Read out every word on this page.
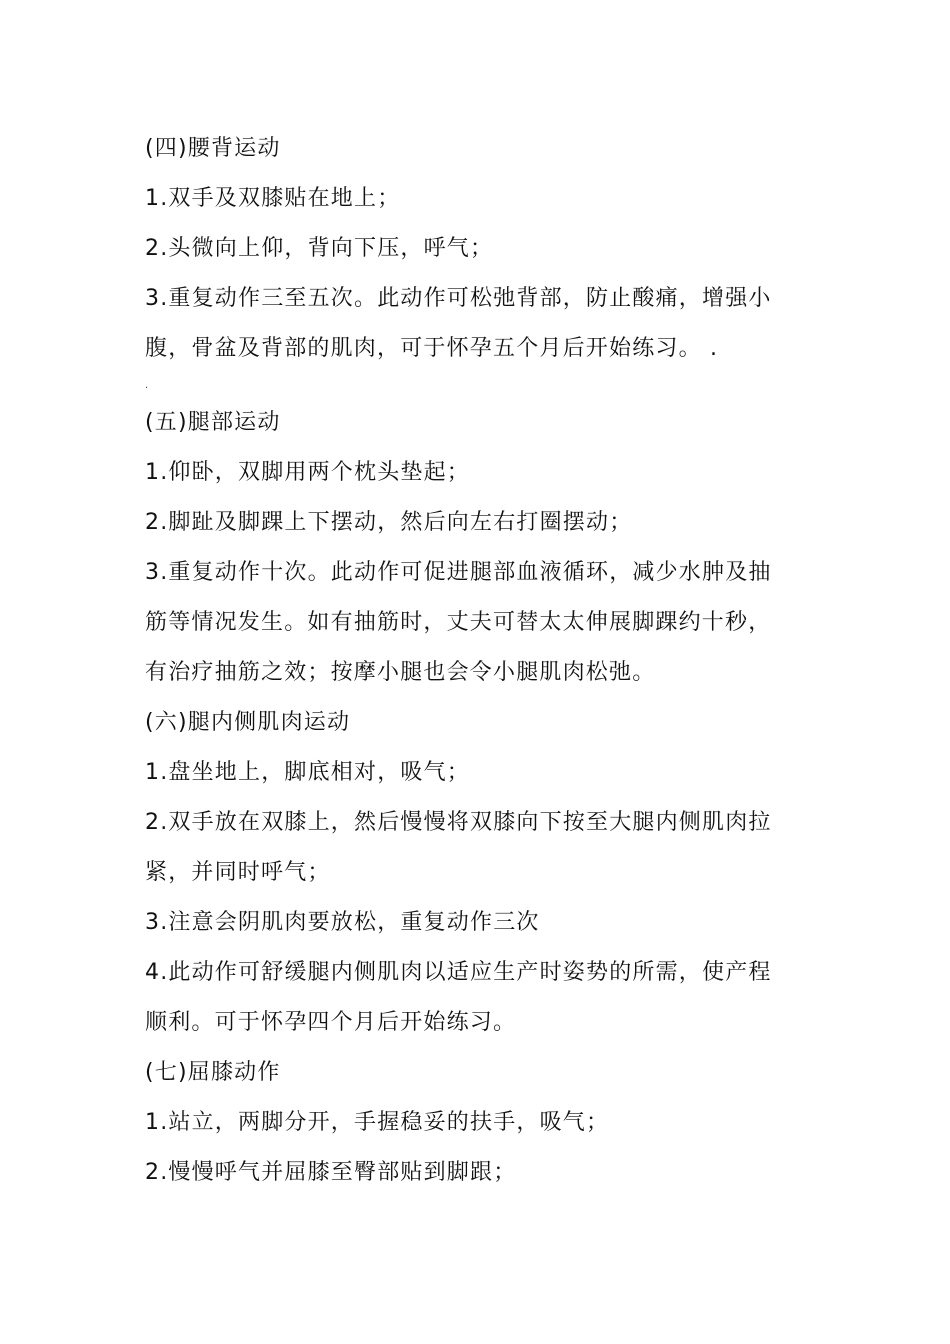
(四)腰背运动
1.双手及双膝贴在地上；
2.头微向上仰，背向下压，呼气；
3.重复动作三至五次。此动作可松弛背部，防止酸痛，增强小
腹，骨盆及背部的肌肉，可于怀孕五个月后开始练习。 .
.
(五)腿部运动
1.仰卧，双脚用两个枕头垫起；
2.脚趾及脚踝上下摆动，然后向左右打圈摆动；
3.重复动作十次。此动作可促进腿部血液循环，减少水肿及抽
筋等情况发生。如有抽筋时，丈夫可替太太伸展脚踝约十秒，
有治疗抽筋之效；按摩小腿也会令小腿肌肉松弛。
(六)腿内侧肌肉运动
1.盘坐地上，脚底相对，吸气；
2.双手放在双膝上，然后慢慢将双膝向下按至大腿内侧肌肉拉
紧，并同时呼气；
3.注意会阴肌肉要放松，重复动作三次
4.此动作可舒缓腿内侧肌肉以适应生产时姿势的所需，使产程
顺利。可于怀孕四个月后开始练习。
(七)屈膝动作
1.站立，两脚分开，手握稳妥的扶手，吸气；
2.慢慢呼气并屈膝至臀部贴到脚跟；
